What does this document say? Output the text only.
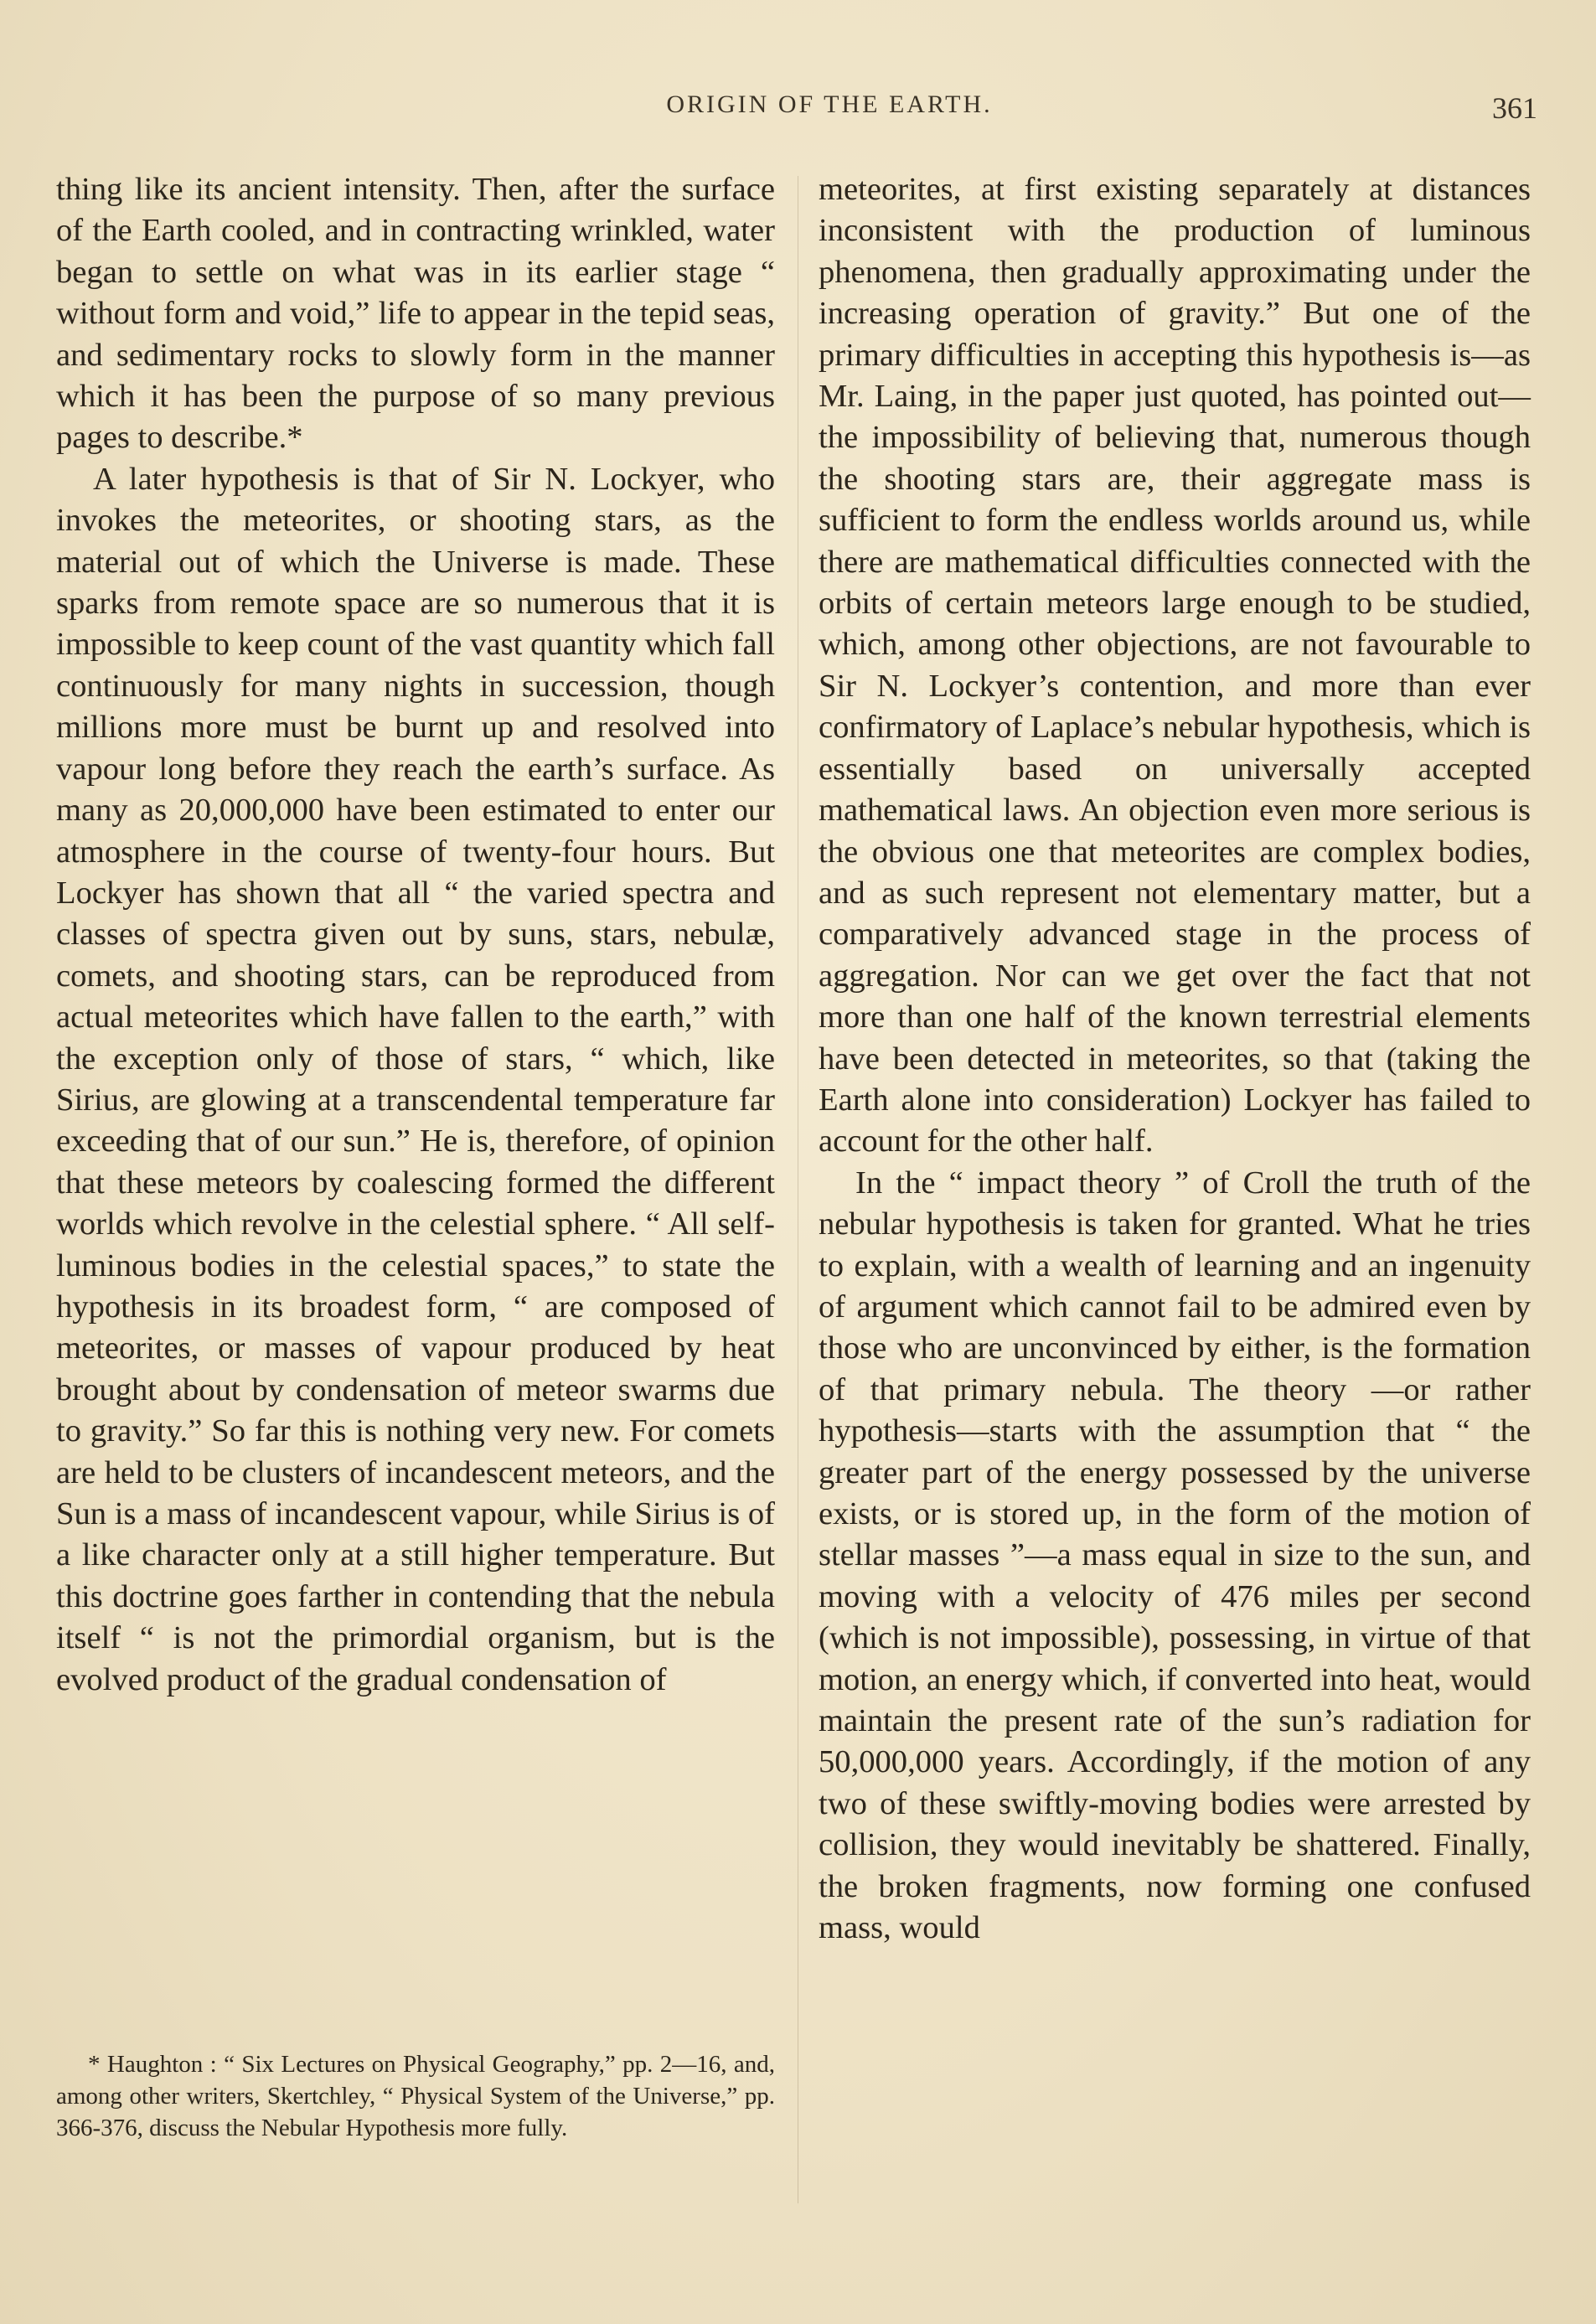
ORIGIN OF THE EARTH.	361

thing like its ancient intensity. Then, after the surface of the Earth cooled, and in contracting wrinkled, water began to settle on what was in its earlier stage “ without form and void,” life to appear in the tepid seas, and sedimentary rocks to slowly form in the manner which it has been the purpose of so many previous pages to describe.*

A later hypothesis is that of Sir N. Lockyer, who invokes the meteorites, or shooting stars, as the material out of which the Universe is made. These sparks from remote space are so numerous that it is impossible to keep count of the vast quantity which fall continuously for many nights in succession, though millions more must be burnt up and resolved into vapour long before they reach the earth’s surface. As many as 20,000,000 have been estimated to enter our atmosphere in the course of twenty-four hours. But Lockyer has shown that all “ the varied spectra and classes of spectra given out by suns, stars, nebulæ, comets, and shooting stars, can be reproduced from actual meteorites which have fallen to the earth,” with the exception only of those of stars, “ which, like Sirius, are glowing at a transcendental temperature far exceeding that of our sun.” He is, therefore, of opinion that these meteors by coalescing formed the different worlds which revolve in the celestial sphere. “ All self-luminous bodies in the celestial spaces,” to state the hypothesis in its broadest form, “ are composed of meteorites, or masses of vapour produced by heat brought about by condensation of meteor swarms due to gravity.” So far this is nothing very new. For comets are held to be clusters of incandescent meteors, and the Sun is a mass of incandescent vapour, while Sirius is of a like character only at a still higher temperature. But this doctrine goes farther in contending that the nebula itself “ is not the primordial organism, but is the evolved product of the gradual condensation of

meteorites, at first existing separately at distances inconsistent with the production of luminous phenomena, then gradually approximating under the increasing operation of gravity.” But one of the primary difficulties in accepting this hypothesis is—as Mr. Laing, in the paper just quoted, has pointed out—the impossibility of believing that, numerous though the shooting stars are, their aggregate mass is sufficient to form the endless worlds around us, while there are mathematical difficulties connected with the orbits of certain meteors large enough to be studied, which, among other objections, are not favourable to Sir N. Lockyer’s contention, and more than ever confirmatory of Laplace’s nebular hypothesis, which is essentially based on universally accepted mathematical laws. An objection even more serious is the obvious one that meteorites are complex bodies, and as such represent not elementary matter, but a comparatively advanced stage in the process of aggregation. Nor can we get over the fact that not more than one half of the known terrestrial elements have been detected in meteorites, so that (taking the Earth alone into consideration) Lockyer has failed to account for the other half.

In the “ impact theory ” of Croll the truth of the nebular hypothesis is taken for granted. What he tries to explain, with a wealth of learning and an ingenuity of argument which cannot fail to be admired even by those who are unconvinced by either, is the formation of that primary nebula. The theory —or rather hypothesis—starts with the assumption that “ the greater part of the energy possessed by the universe exists, or is stored up, in the form of the motion of stellar masses ”—a mass equal in size to the sun, and moving with a velocity of 476 miles per second (which is not impossible), possessing, in virtue of that motion, an energy which, if converted into heat, would maintain the present rate of the sun’s radiation for 50,000,000 years. Accordingly, if the motion of any two of these swiftly-moving bodies were arrested by collision, they would inevitably be shattered. Finally, the broken fragments, now forming one confused mass, would

* Haughton : “ Six Lectures on Physical Geography,” pp. 2—16, and, among other writers, Skertchley, “ Physical System of the Universe,” pp. 366-376, discuss the Nebular Hypothesis more fully.
